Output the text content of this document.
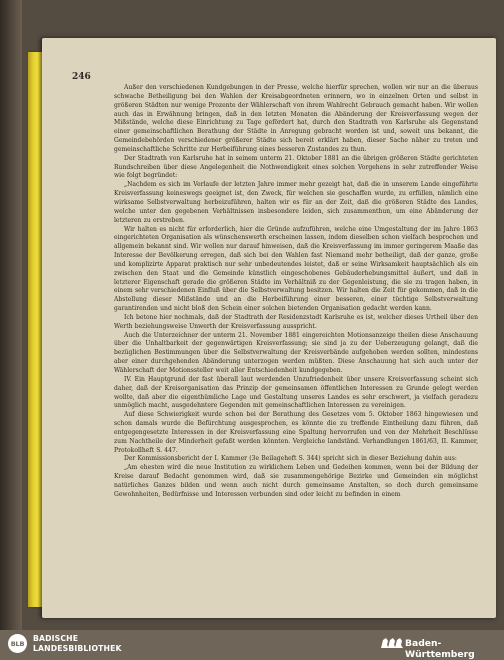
246

Außer den verschiedenen Kundgebungen in der Presse, welche hierfür sprechen, wollen wir nur an die überaus schwache Betheiligung bei den Wahlen der Kreisabgeordneten erinnern, wo in einzelnen Orten und selbst in größeren Städten nur wenige Prozente der Wählerschaft von ihrem Wahlrecht Gebrauch gemacht haben. Wir wollen auch das in Erwähnung bringen, daß in den letzten Monaten die Abänderung der Kreisverfassung wegen der Mißstände, welche diese Einrichtung zu Tage gefördert hat, durch den Stadtrath von Karlsruhe als Gegenstand einer gemeinschaftlichen Berathung der Städte in Anregung gebracht worden ist und, soweit uns bekannt, die Gemeindebehörden verschiedener größerer Städte sich bereit erklärt haben, dieser Sache näher zu treten und gemeinschaftliche Schritte zur Herbeiführung eines besseren Zustandes zu thun.

Der Stadtrath von Karlsruhe hat in seinem unterm 21. Oktober 1881 an die übrigen größeren Städte gerichteten Rundschreiben über diese Angelegenheit die Nothwendigkeit eines solchen Vorgehens in sehr zutreffender Weise wie folgt begründet:

„Nachdem es sich im Verlaufe der letzten Jahre immer mehr gezeigt hat, daß die in unserem Lande eingeführte Kreisverfassung keineswegs geeignet ist, den Zweck, für welchen sie geschaffen wurde, zu erfüllen, nämlich eine wirksame Selbstverwaltung herbeizuführen, halten wir es für an der Zeit, daß die größeren Städte des Landes, welche unter den gegebenen Verhältnissen insbesondere leiden, sich zusammenthun, um eine Abänderung der letzteren zu erstreben.

Wir halten es nicht für erforderlich, hier die Gründe aufzuführen, welche eine Umgestaltung der im Jahre 1863 eingerichteten Organisation als wünschenswerth erscheinen lassen, indem dieselben schon vielfach besprochen und allgemein bekannt sind. Wir wollen nur darauf hinweisen, daß die Kreisverfassung im immer geringerem Maaße das Interesse der Bevölkerung erregen, daß sich bei den Wahlen fast Niemand mehr betheiligt, daß der ganze, große und komplizirte Apparat praktisch nur sehr unbedeutendes leistet, daß er seine Wirksamkeit hauptsächlich als ein zwischen den Staat und die Gemeinde künstlich eingeschobenes Gebäuderhebungsmittel äußert, und daß in letzterer Eigenschaft gerade die größeren Städte im Verhältniß zu der Gegenleistung, die sie zu tragen haben, in einem sehr verschiedenen Einfluß über die Selbstverwaltung besitzen. Wir halten die Zeit für gekommen, daß in die Abstellung dieser Mißstände und an die Herbeiführung einer besseren, einer tüchtige Selbstverwaltung garantirenden und nicht bloß den Schein einer solchen bietenden Organisation gedacht werden kann.

Ich betone hier nochmals, daß der Stadtrath der Residenzstadt Karlsruhe es ist, welcher dieses Urtheil über den Werth beziehungsweise Unwerth der Kreisverfassung ausspricht.

Auch die Unterzeichner der unterm 21. November 1881 eingereichten Motionsanzeige theilen diese Anschauung über die Unhaltbarkeit der gegenwärtigen Kreisverfassung; sie sind ja zu der Ueberzeugung gelangt, daß die bezüglichen Bestimmungen über die Selbstverwaltung der Kreisverbände aufgehoben werden sollten, mindestens aber einer durchgehenden Abänderung unterzogen werden müßten. Diese Anschauung hat sich auch unter der Wählerschaft der Motionssteller weit aller Entschiedenheit kundgegeben.

IV. Ein Hauptgrund der fast überall laut werdenden Unzufriedenheit über unsere Kreisverfassung scheint sich daher, daß der Kreisorganisation das Prinzip der gemeinsamen öffentlichen Interessen zu Grunde gelegt werden wollte, daß aber die eigenthümliche Lage und Gestaltung unseres Landes es sehr erschwert, ja vielfach geradezu unmöglich macht, ausgedehntere Gegenden mit gemeinschaftlichen Interessen zu vereinigen.

Auf diese Schwierigkeit wurde schon bei der Berathung des Gesetzes vom 5. Oktober 1863 hingewiesen und schon damals wurde die Befürchtung ausgesprochen, es könnte die zu treffende Eintheilung dazu führen, daß entgegengesetzte Interessen in der Kreisverfassung eine Spaltung hervorrufen und von der Mehrheit Beschlüsse zum Nachtheile der Minderheit gefaßt werden könnten. Vergleiche landständ. Verhandlungen 1861/63, II. Kammer, Protokollheft S. 447.

Der Kommissionsbericht der I. Kammer (3e Beilageheft S. 344) spricht sich in dieser Beziehung dahin aus:

„Am ehesten wird die neue Institution zu wirklichem Leben und Gedeihen kommen, wenn bei der Bildung der Kreise darauf Bedacht genommen wird, daß sie zusammengehörige Bezirke und Gemeinden ein möglichst natürliches Ganzes bilden und wenn auch nicht durch gemeinsame Anstalten, so doch durch gemeinsame Gewohnheiten, Bedürfnisse und Interessen verbunden sind oder leicht zu befinden in einem

BLB
BADISCHE
LANDESBIBLIOTHEK	Baden-Württemberg
